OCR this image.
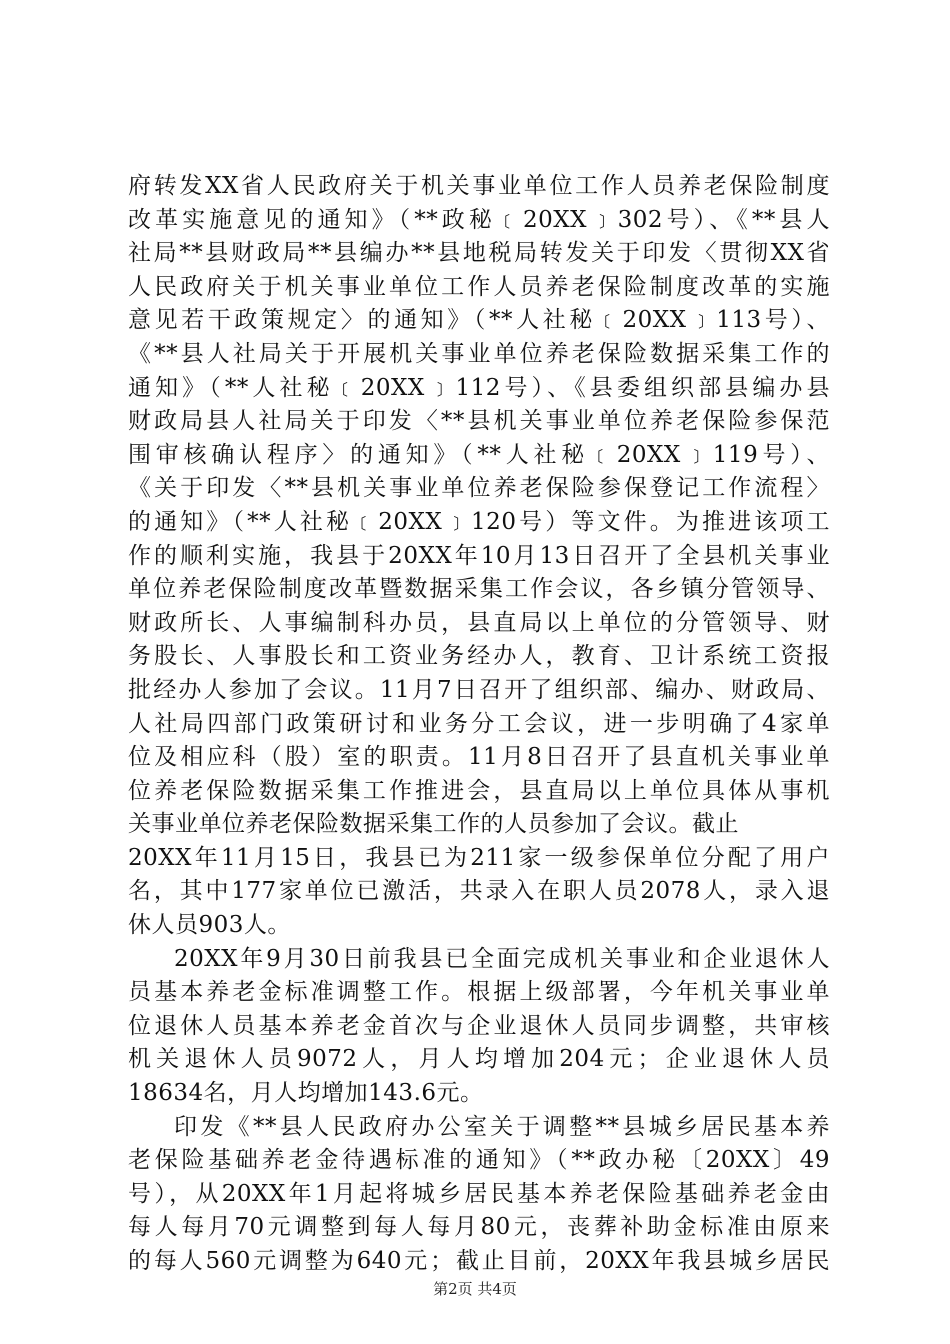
府转发XX省人民政府关于机关事业单位工作人员养老保险制度
改革实施意见的通知》（**政秘﹝20XX﹞302号）、《**县人
社局**县财政局**县编办**县地税局转发关于印发〈贯彻XX省
人民政府关于机关事业单位工作人员养老保险制度改革的实施
意见若干政策规定〉的通知》（**人社秘﹝20XX﹞113号）、
《**县人社局关于开展机关事业单位养老保险数据采集工作的
通知》（**人社秘﹝20XX﹞112号）、《县委组织部县编办县
财政局县人社局关于印发〈**县机关事业单位养老保险参保范
围审核确认程序〉的通知》（**人社秘﹝20XX﹞119号）、
《关于印发〈**县机关事业单位养老保险参保登记工作流程〉
的通知》（**人社秘﹝20XX﹞120号）等文件。为推进该项工
作的顺利实施，我县于20XX年10月13日召开了全县机关事业
单位养老保险制度改革暨数据采集工作会议，各乡镇分管领导、
财政所长、人事编制科办员，县直局以上单位的分管领导、财
务股长、人事股长和工资业务经办人，教育、卫计系统工资报
批经办人参加了会议。11月7日召开了组织部、编办、财政局、
人社局四部门政策研讨和业务分工会议，进一步明确了4家单
位及相应科（股）室的职责。11月8日召开了县直机关事业单
位养老保险数据采集工作推进会，县直局以上单位具体从事机
关事业单位养老保险数据采集工作的人员参加了会议。截止
20XX年11月15日，我县已为211家一级参保单位分配了用户
名，其中177家单位已激活，共录入在职人员2078人，录入退
休人员903人。
20XX年9月30日前我县已全面完成机关事业和企业退休人
员基本养老金标准调整工作。根据上级部署，今年机关事业单
位退休人员基本养老金首次与企业退休人员同步调整，共审核
机关退休人员9072人，月人均增加204元；企业退休人员
18634名，月人均增加143.6元。
印发《**县人民政府办公室关于调整**县城乡居民基本养
老保险基础养老金待遇标准的通知》（**政办秘〔20XX〕49
号），从20XX年1月起将城乡居民基本养老保险基础养老金由
每人每月70元调整到每人每月80元，丧葬补助金标准由原来
的每人560元调整为640元；截止目前，20XX年我县城乡居民
第2页 共4页
